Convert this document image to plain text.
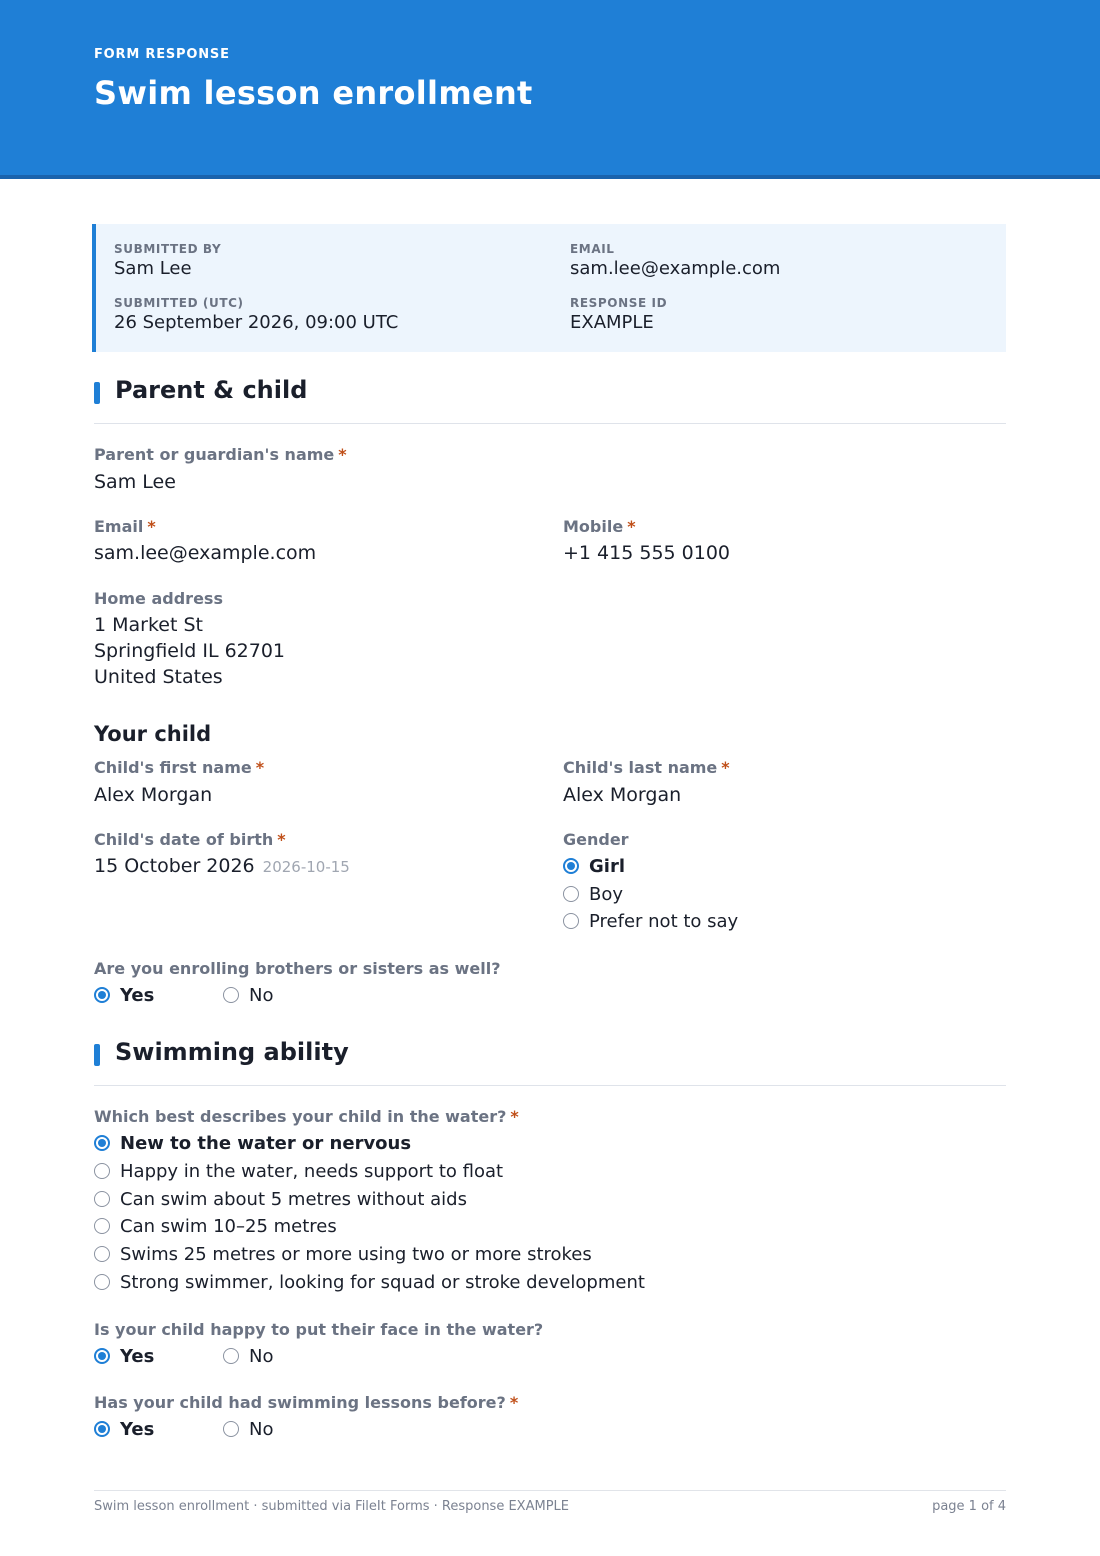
FORM RESPONSE
Swim lesson enrollment
SUBMITTED BY
Sam Lee
EMAIL
sam.lee@example.com
SUBMITTED (UTC)
26 September 2026, 09:00 UTC
RESPONSE ID
EXAMPLE
Parent & child
Parent or guardian's name *
Sam Lee
Email *
sam.lee@example.com
Mobile *
+1 415 555 0100
Home address
1 Market St
Springfield IL 62701
United States
Your child
Child's first name *
Alex Morgan
Child's last name *
Alex Morgan
Child's date of birth *
15 October 2026 2026-10-15
Gender
Girl
Boy
Prefer not to say
Are you enrolling brothers or sisters as well?
Yes	No
Swimming ability
Which best describes your child in the water? *
New to the water or nervous
Happy in the water, needs support to float
Can swim about 5 metres without aids
Can swim 10–25 metres
Swims 25 metres or more using two or more strokes
Strong swimmer, looking for squad or stroke development
Is your child happy to put their face in the water?
Yes	No
Has your child had swimming lessons before? *
Yes	No
Swim lesson enrollment · submitted via FileIt Forms · Response EXAMPLE	page 1 of 4
